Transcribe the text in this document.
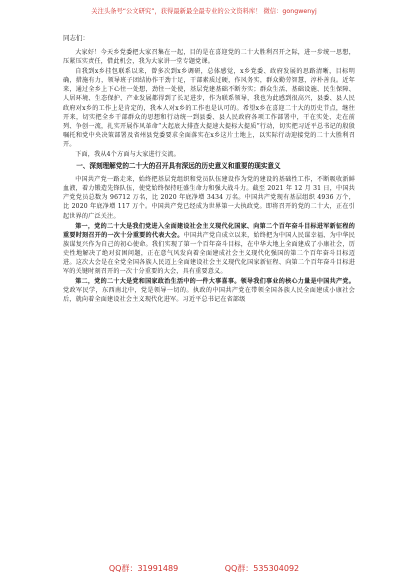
关注头条号“公文研究”，获得最新最全最专业的公文资料库！ 微信：gongwenyj
同志们：

大家好！今天乡党委把大家召集在一起，目的是在喜迎党的二十大胜利召开之际，进一步统一思想，压紧压实责任，借此机会，我为大家讲一堂专题党课。

自我到x乡挂包联系以来，曾多次到x乡调研，总体感觉，x乡党委、政府发展的思路清晰，目标明确，措施有力，领导班子团结协作干劲十足，干部素质过硬，作风务实，群众勤劳智慧，淳朴善良。近年来，通过全乡上下心往一处想，劲往一处使，基层党建基础不断夯实；群众生活、基础设施、民生保障、人居环境、生态保护、产业发展都得到了长足进步，作为联系领导，我也为此感到很高兴，县委、县人民政府对x乡的工作上是肯定的，我本人对x乡的工作也是认可的。希望x乡在喜迎二十大的历史节点，继往开来，切实把全乡干部群众的思想和行动统一到县委、县人民政府各项工作部署中，干在实处、走在前列、争创一流，扎实开展作风革命“大起底大排查大提速大提标大提质”行动，切实把习近平总书记的殷殷嘱托和党中央决策部署及省州县党委要求全面落实在x乡这片土地上，以实际行动迎接党的二十大胜利召开。

下面，我从4个方面与大家进行交流。

一、深刻理解党的二十大的召开具有深远的历史意义和重要的现实意义

中国共产党一路走来，始终把基层党组织和党员队伍建设作为党的建设的基础性工作，不断吸收新鲜血液，着力锻造先锋队伍，使党始终保持旺盛生命力和强大战斗力。截至 2021 年 12 月 31 日，中国共产党党员总数为 96712 万名，比 2020 年底净增 3434 万名。中国共产党现有基层组织 4936 万个，比 2020 年底净增 117 万个。中国共产党已经成为世界第一大执政党。即将召开的党的二十大，正在引起世界的广泛关注。

第一，党的二十大是我们党进入全面建设社会主义现代化国家、向第二个百年奋斗目标进军新征程的重要时刻召开的一次十分重要的代表大会。中国共产党自成立以来，始终把为中国人民谋幸福、为中华民族谋复兴作为自己的初心使命。我们实现了第一个百年奋斗目标，在中华大地上全面建成了小康社会，历史性地解决了绝对贫困问题，正在意气风发向着全面建成社会主义现代化强国的第二个百年奋斗目标迈进。这次大会是在全党全国各族人民迈上全面建设社会主义现代化国家新征程、向第二个百年奋斗目标进军的关键时刻召开的一次十分重要的大会，具有重要意义。

第二，党的二十大是党和国家政治生活中的一件大事喜事。领导我们事业的核心力量是中国共产党。党政军民学，东西南北中，党是领导一切的。执政的中国共产党在带领全国各族人民全面建成小康社会后，就向着全面建设社会主义现代化进军。习近平总书记在省部级

QQ群：31991489	QQ群：535304092
